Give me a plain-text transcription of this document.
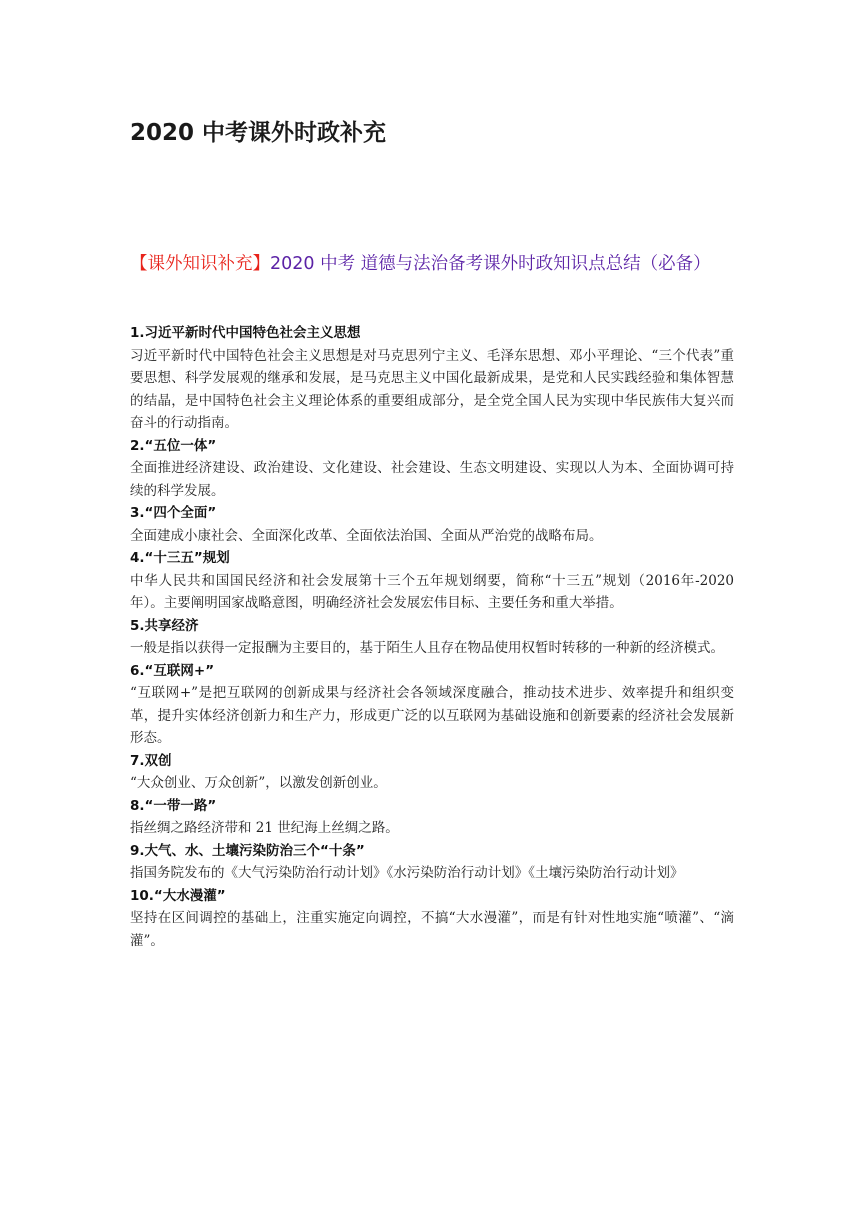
2020 中考课外时政补充

【课外知识补充】2020 中考 道德与法治备考课外时政知识点总结（必备）

1.习近平新时代中国特色社会主义思想

习近平新时代中国特色社会主义思想是对马克思列宁主义、毛泽东思想、邓小平理论、“三个代表”重要思想、科学发展观的继承和发展，是马克思主义中国化最新成果，是党和人民实践经验和集体智慧的结晶，是中国特色社会主义理论体系的重要组成部分，是全党全国人民为实现中华民族伟大复兴而奋斗的行动指南。

2.“五位一体”

全面推进经济建设、政治建设、文化建设、社会建设、生态文明建设、实现以人为本、全面协调可持续的科学发展。

3.“四个全面”

全面建成小康社会、全面深化改革、全面依法治国、全面从严治党的战略布局。

4.“十三五”规划

中华人民共和国国民经济和社会发展第十三个五年规划纲要，简称“十三五”规划（2016年-2020 年）。主要阐明国家战略意图，明确经济社会发展宏伟目标、主要任务和重大举措。

5.共享经济

一般是指以获得一定报酬为主要目的，基于陌生人且存在物品使用权暂时转移的一种新的经济模式。

6.“互联网+”

“互联网+”是把互联网的创新成果与经济社会各领域深度融合，推动技术进步、效率提升和组织变革，提升实体经济创新力和生产力，形成更广泛的以互联网为基础设施和创新要素的经济社会发展新形态。

7.双创

“大众创业、万众创新”，以激发创新创业。

8.“一带一路”

指丝绸之路经济带和 21 世纪海上丝绸之路。

9.大气、水、土壤污染防治三个“十条”

指国务院发布的《大气污染防治行动计划》《水污染防治行动计划》《土壤污染防治行动计划》

10.“大水漫灌”

坚持在区间调控的基础上，注重实施定向调控，不搞“大水漫灌”，而是有针对性地实施“喷灌”、“滴灌”。
